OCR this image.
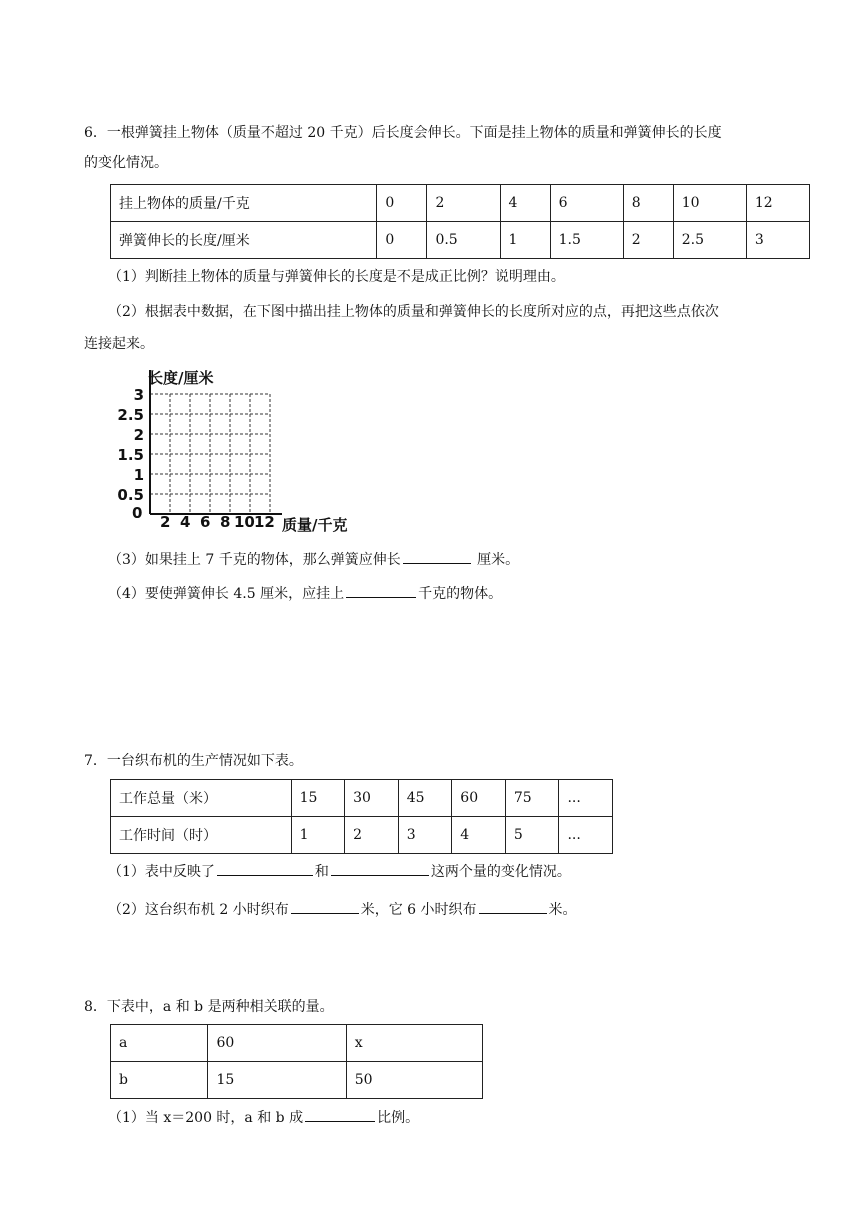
6．一根弹簧挂上物体（质量不超过 20 千克）后长度会伸长。下面是挂上物体的质量和弹簧伸长的长度
的变化情况。
挂上物体的质量/千克	0	2	4	6	8	10	12
弹簧伸长的长度/厘米	0	0.5	1	1.5	2	2.5	3
（1）判断挂上物体的质量与弹簧伸长的长度是不是成正比例？说明理由。
（2）根据表中数据，在下图中描出挂上物体的质量和弹簧伸长的长度所对应的点，再把这些点依次
连接起来。
长度/厘米
3
2.5
2
1.5
1
0.5
0 2 4 6 8 10 12 质量/千克
（3）如果挂上 7 千克的物体，那么弹簧应伸长	厘米。
（4）要使弹簧伸长 4.5 厘米，应挂上	千克的物体。
7．一台织布机的生产情况如下表。
工作总量（米）	15	30	45	60	75	...
工作时间（时）	1	2	3	4	5	...
（1）表中反映了	和	这两个量的变化情况。
（2）这台织布机 2 小时织布	米，它 6 小时织布	米。
8．下表中，a 和 b 是两种相关联的量。
a	60	x
b	15	50
（1）当 x＝200 时，a 和 b 成	比例。
